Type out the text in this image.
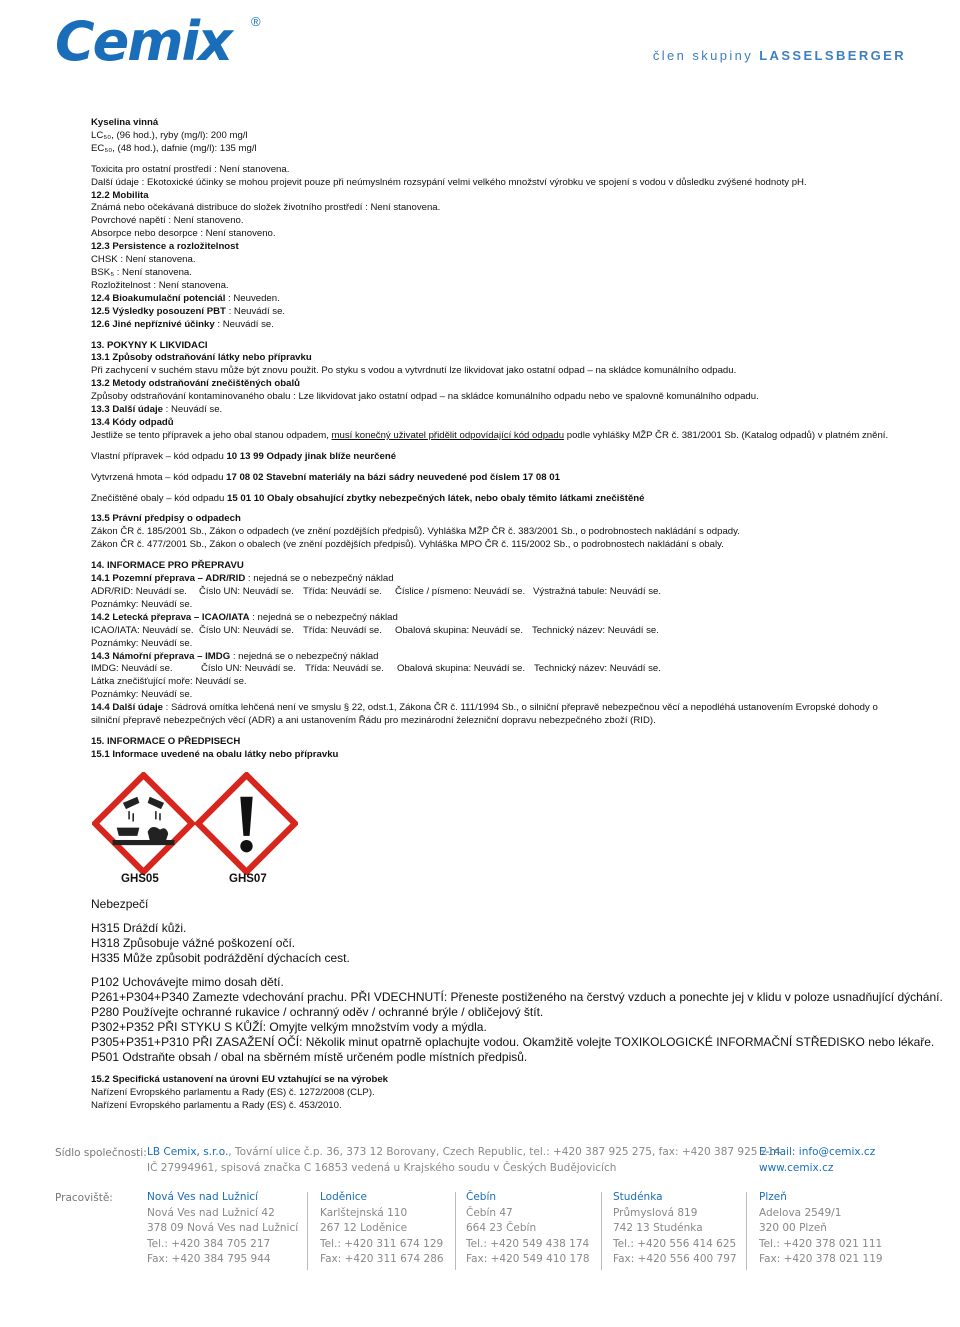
Cemix ®
člen skupiny LASSELSBERGER

Kyselina vinná

LC₅₀, (96 hod.), ryby (mg/l): 200 mg/l

EC₅₀, (48 hod.), dafnie (mg/l): 135 mg/l

Toxicita pro ostatní prostředí : Není stanovena.

Další údaje : Ekotoxické účinky se mohou projevit pouze při neúmyslném rozsypání velmi velkého množství výrobku ve spojení s vodou v důsledku zvýšené hodnoty pH.

12.2 Mobilita

Známá nebo očekávaná distribuce do složek životního prostředí : Není stanovena.

Povrchové napětí : Není stanoveno.

Absorpce nebo desorpce : Není stanoveno.

12.3 Persistence a rozložitelnost

CHSK : Není stanovena.

BSK₅ : Není stanovena.

Rozložitelnost : Není stanovena.

12.4 Bioakumulační potenciál : Neuveden.

12.5 Výsledky posouzení PBT : Neuvádí se.

12.6 Jiné nepříznivé účinky : Neuvádí se.

13. POKYNY K LIKVIDACI

13.1 Způsoby odstraňování látky nebo přípravku

Při zachycení v suchém stavu může být znovu použit. Po styku s vodou a vytvrdnutí lze likvidovat jako ostatní odpad – na skládce komunálního odpadu.

13.2 Metody odstraňování znečištěných obalů

Způsoby odstraňování kontaminovaného obalu : Lze likvidovat jako ostatní odpad – na skládce komunálního odpadu nebo ve spalovně komunálního odpadu.

13.3 Další údaje : Neuvádí se.

13.4 Kódy odpadů

Jestliže se tento přípravek a jeho obal stanou odpadem, musí konečný uživatel přidělit odpovídající kód odpadu podle vyhlášky MŽP ČR č. 381/2001 Sb. (Katalog odpadů) v platném znění.

Vlastní přípravek – kód odpadu 10 13 99 Odpady jinak blíže neurčené

Vytvrzená hmota – kód odpadu 17 08 02 Stavební materiály na bázi sádry neuvedené pod číslem 17 08 01

Znečištěné obaly – kód odpadu 15 01 10 Obaly obsahující zbytky nebezpečných látek, nebo obaly těmito látkami znečištěné

13.5 Právní předpisy o odpadech

Zákon ČR č. 185/2001 Sb., Zákon o odpadech (ve znění pozdějších předpisů). Vyhláška MŽP ČR č. 383/2001 Sb., o podrobnostech nakládání s odpady.

Zákon ČR č. 477/2001 Sb., Zákon o obalech (ve znění pozdějších předpisů). Vyhláška MPO ČR č. 115/2002 Sb., o podrobnostech nakládání s obaly.

14. INFORMACE PRO PŘEPRAVU

14.1 Pozemní přeprava – ADR/RID : nejedná se o nebezpečný náklad

ADR/RID: Neuvádí se. Číslo UN: Neuvádí se. Třída: Neuvádí se. Číslice / písmeno: Neuvádí se. Výstražná tabule: Neuvádí se.

Poznámky: Neuvádí se.

14.2 Letecká přeprava – ICAO/IATA : nejedná se o nebezpečný náklad

ICAO/IATA: Neuvádí se. Číslo UN: Neuvádí se. Třída: Neuvádí se. Obalová skupina: Neuvádí se. Technický název: Neuvádí se.

Poznámky: Neuvádí se.

14.3 Námořní přeprava – IMDG : nejedná se o nebezpečný náklad

IMDG: Neuvádí se.	Číslo UN: Neuvádí se. Třída: Neuvádí se. Obalová skupina: Neuvádí se. Technický název: Neuvádí se.

Látka znečišťující moře: Neuvádí se.

Poznámky: Neuvádí se.

14.4 Další údaje : Sádrová omítka lehčená není ve smyslu § 22, odst.1, Zákona ČR č. 111/1994 Sb., o silniční přepravě nebezpečnou věcí a nepodléhá ustanovením Evropské dohody o

silniční přepravě nebezpečných věcí (ADR) a ani ustanovením Řádu pro mezinárodní železniční dopravu nebezpečného zboží (RID).

15. INFORMACE O PŘEDPISECH

15.1 Informace uvedené na obalu látky nebo přípravku

GHS05	GHS07

Nebezpečí

H315 Dráždí kůži.

H318 Způsobuje vážné poškození očí.

H335 Může způsobit podráždění dýchacích cest.

P102 Uchovávejte mimo dosah dětí.

P261+P304+P340 Zamezte vdechování prachu. PŘI VDECHNUTÍ: Přeneste postiženého na čerstvý vzduch a ponechte jej v klidu v poloze usnadňující dýchání.

P280 Používejte ochranné rukavice / ochranný oděv / ochranné brýle / obličejový štít.

P302+P352 PŘI STYKU S KŮŽÍ: Omyjte velkým množstvím vody a mýdla.

P305+P351+P310 PŘI ZASAŽENÍ OČÍ: Několik minut opatrně oplachujte vodou. Okamžitě volejte TOXIKOLOGICKÉ INFORMAČNÍ STŘEDISKO nebo lékaře.

P501 Odstraňte obsah / obal na sběrném místě určeném podle místních předpisů.

15.2 Specifická ustanovení na úrovni EU vztahující se na výrobek

Nařízení Evropského parlamentu a Rady (ES) č. 1272/2008 (CLP).

Nařízení Evropského parlamentu a Rady (ES) č. 453/2010.

Sídlo společnosti: LB Cemix, s.r.o., Tovární ulice č.p. 36, 373 12 Borovany, Czech Republic, tel.: +420 387 925 275, fax: +420 387 925 214
IČ 27994961, spisová značka C 16853 vedená u Krajského soudu v Českých Budějovicích
E-mail: info@cemix.cz
www.cemix.cz
Pracoviště:	Nová Ves nad Lužnicí
Nová Ves nad Lužnicí 42
378 09 Nová Ves nad Lužnicí
Tel.: +420 384 705 217
Fax: +420 384 795 944
Loděnice
Karlštejnská 110
267 12 Loděnice
Tel.: +420 311 674 129
Fax: +420 311 674 286
Čebín
Čebín 47
664 23 Čebín
Tel.: +420 549 438 174
Fax: +420 549 410 178
Studénka
Průmyslová 819
742 13 Studénka
Tel.: +420 556 414 625
Fax: +420 556 400 797
Plzeň
Adelova 2549/1
320 00 Plzeň
Tel.: +420 378 021 111
Fax: +420 378 021 119
